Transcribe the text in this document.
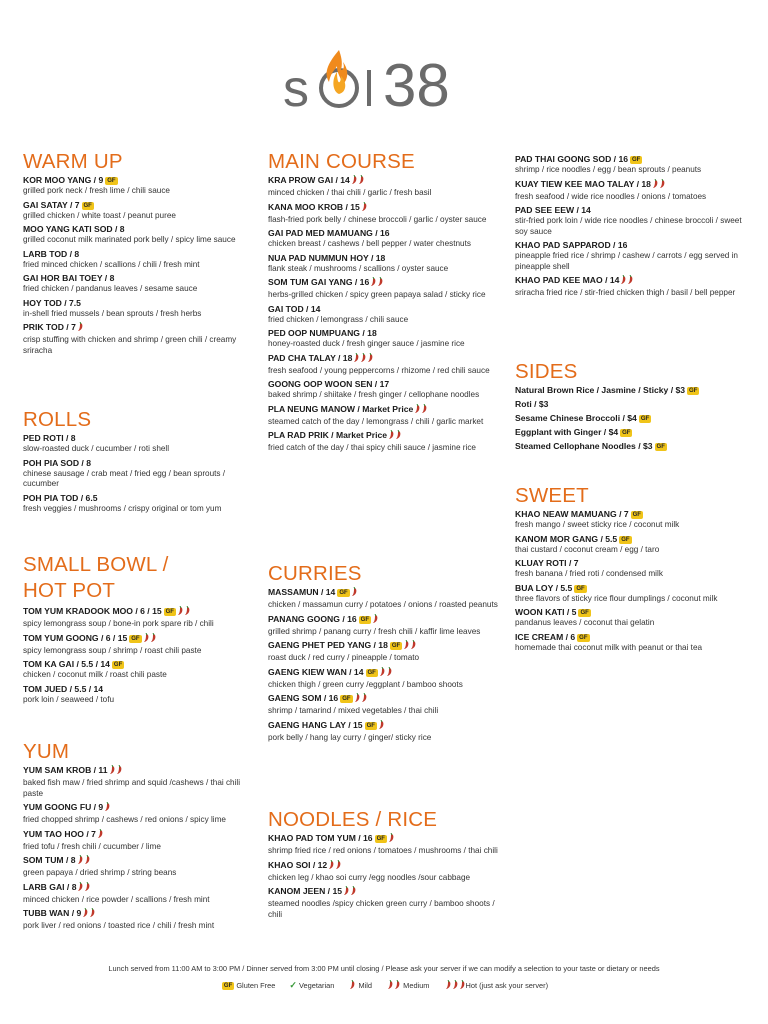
s 38
WARM UP
KOR MOO YANG / 9 GF
grilled pork neck / fresh lime / chili sauce
GAI SATAY / 7 GF
grilled chicken / white toast / peanut puree
MOO YANG KATI SOD / 8
grilled coconut milk marinated pork belly / spicy lime sauce
LARB TOD / 8
fried minced chicken / scallions / chili / fresh mint
GAI HOR BAI TOEY / 8
fried chicken / pandanus leaves / sesame sauce
HOY TOD / 7.5
in-shell fried mussels / bean sprouts / fresh herbs
PRIK TOD / 7
crisp stuffing with chicken and shrimp / green chili / creamy sriracha
ROLLS
PED ROTI / 8
slow-roasted duck / cucumber / roti shell
POH PIA SOD / 8
chinese sausage / crab meat / fried egg / bean sprouts / cucumber
POH PIA TOD / 6.5
fresh veggies / mushrooms / crispy original or tom yum
SMALL BOWL /
HOT POT
TOM YUM KRADOOK MOO / 6 / 15 GF
spicy lemongrass soup / bone-in pork spare rib / chili
TOM YUM GOONG / 6 / 15 GF
spicy lemongrass soup / shrimp / roast chili paste
TOM KA GAI / 5.5 / 14 GF
chicken / coconut milk / roast chili paste
TOM JUED / 5.5 / 14
pork loin / seaweed / tofu
YUM
YUM SAM KROB / 11
baked fish maw / fried shrimp and squid /cashews / thai chili paste
YUM GOONG FU / 9
fried chopped shrimp / cashews / red onions / spicy lime
YUM TAO HOO / 7
fried tofu / fresh chili / cucumber / lime
SOM TUM / 8
green papaya / dried shrimp / string beans
LARB GAI / 8
minced chicken / rice powder / scallions / fresh mint
TUBB WAN / 9
pork liver / red onions / toasted rice / chili / fresh mint
MAIN COURSE
KRA PROW GAI / 14
minced chicken / thai chili / garlic / fresh basil
KANA MOO KROB / 15
flash-fried pork belly / chinese broccoli / garlic / oyster sauce
GAI PAD MED MAMUANG / 16
chicken breast / cashews / bell pepper / water chestnuts
NUA PAD NUMMUN HOY / 18
flank steak / mushrooms / scallions / oyster sauce
SOM TUM GAI YANG / 16
herbs-grilled chicken / spicy green papaya salad / sticky rice
GAI TOD / 14
fried chicken / lemongrass / chili sauce
PED OOP NUMPUANG / 18
honey-roasted duck / fresh ginger sauce / jasmine rice
PAD CHA TALAY / 18
fresh seafood / young peppercorns / rhizome / red chili sauce
GOONG OOP WOON SEN / 17
baked shrimp / shiitake / fresh ginger / cellophane noodles
PLA NEUNG MANOW / Market Price
steamed catch of the day / lemongrass / chili / garlic market
PLA RAD PRIK / Market Price
fried catch of the day / thai spicy chili sauce / jasmine rice
CURRIES
MASSAMUN / 14 GF
chicken / massamun curry / potatoes / onions / roasted peanuts
PANANG GOONG / 16 GF
grilled shrimp / panang curry / fresh chili / kaffir lime leaves
GAENG PHET PED YANG / 18 GF
roast duck / red curry / pineapple / tomato
GAENG KIEW WAN / 14 GF
chicken thigh / green curry /eggplant / bamboo shoots
GAENG SOM / 16 GF
shrimp / tamarind / mixed vegetables / thai chili
GAENG HANG LAY / 15 GF
pork belly / hang lay curry / ginger/ sticky rice
NOODLES / RICE
KHAO PAD TOM YUM / 16 GF
shrimp fried rice / red onions / tomatoes / mushrooms / thai chili
KHAO SOI / 12
chicken leg / khao soi curry /egg noodles /sour cabbage
KANOM JEEN / 15
steamed noodles /spicy chicken green curry / bamboo shoots / chili
PAD THAI GOONG SOD / 16 GF
shrimp / rice noodles / egg / bean sprouts / peanuts
KUAY TIEW KEE MAO TALAY / 18
fresh seafood / wide rice noodles / onions / tomatoes
PAD SEE EEW / 14
stir-fried pork loin / wide rice noodles / chinese broccoli / sweet soy sauce
KHAO PAD SAPPAROD / 16
pineapple fried rice / shrimp / cashew / carrots / egg served in pineapple shell
KHAO PAD KEE MAO / 14
sriracha fried rice / stir-fried chicken thigh / basil / bell pepper
SIDES
Natural Brown Rice / Jasmine / Sticky / $3 GF
Roti / $3
Sesame Chinese Broccoli / $4 GF
Eggplant with Ginger / $4 GF
Steamed Cellophane Noodles / $3 GF
SWEET
KHAO NEAW MAMUANG / 7 GF
fresh mango / sweet sticky rice / coconut milk
KANOM MOR GANG / 5.5 GF
thai custard / coconut cream / egg / taro
KLUAY ROTI / 7
fresh banana / fried roti / condensed milk
BUA LOY / 5.5 GF
three flavors of sticky rice flour dumplings / coconut milk
WOON KATI / 5 GF
pandanus leaves / coconut thai gelatin
ICE CREAM / 6 GF
homemade thai coconut milk with peanut or thai tea
Lunch served from 11:00 AM to 3:00 PM / Dinner served from 3:00 PM until closing / Please ask your server if we can modify a selection to your taste or dietary or needs
GF Gluten Free ✓ Vegetarian	Mild	Medium	Hot (just ask your server)
